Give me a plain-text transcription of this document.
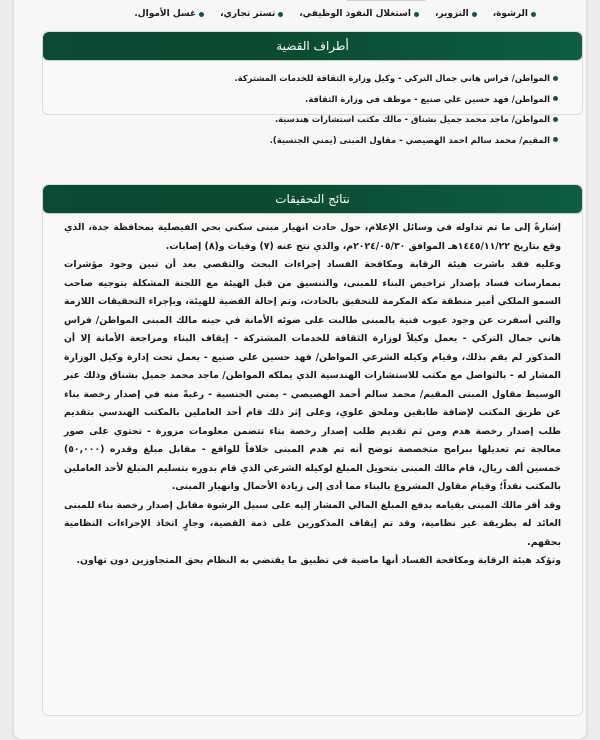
الرشوة،
التزوير،
استغلال النفوذ الوظيفي،
تستر تجاري،
غسل الأموال.
أطراف القضية
المواطن/ فراس هاني جمال التركي - وكيل وزارة الثقافة للخدمات المشتركة.
المواطن/ فهد حسين علي صنيع - موظف في وزارة الثقافة.
المواطن/ ماجد محمد جميل بشناق - مالك مكتب استشارات هندسية.
المقيم/ محمد سالم احمد الهصيصي - مقاول المبنى (يمني الجنسية).
نتائج التحقيقات

إشارةً إلى ما تم تداوله في وسائل الإعلام، حول حادث انهيار مبنى سكني بحي الفيصلية بمحافظة جدة، الذي وقع بتاريخ ١٤٤٥/١١/٢٢هـ الموافق ٢٠٢٤/٠٥/٣٠م، والذي نتج عنه (٧) وفيات و(٨) إصابات.

وعليه فقد باشرت هيئة الرقابة ومكافحة الفساد إجراءات البحث والتقصي بعد أن تبين وجود مؤشرات بممارسات فساد بإصدار تراخيص البناء للمبنى، والتنسيق من قبل الهيئة مع اللجنة المشكلة بتوجيه صاحب السمو الملكي أمير منطقة مكة المكرمة للتحقيق بالحادث، وتم إحالة القضية للهيئة، وبإجراء التحقيقات اللازمة والتي أسفرت عن وجود عيوب فنية بالمبنى طالبت على ضوئه الأمانة في حينه مالك المبنى المواطن/ فراس هاني جمال التركي - يعمل وكيلاً لوزارة الثقافة للخدمات المشتركة - إيقاف البناء ومراجعة الأمانة إلا أن المذكور لم يقم بذلك، وقيام وكيله الشرعي المواطن/ فهد حسين علي صنيع - يعمل تحت إدارة وكيل الوزارة المشار له - بالتواصل مع مكتب للاستشارات الهندسية الذي يملكه المواطن/ ماجد محمد جميل بشناق وذلك عبر الوسيط مقاول المبنى المقيم/ محمد سالم أحمد الهصيصي - يمني الجنسية - رغبةً منه في إصدار رخصة بناء عن طريق المكتب لإضافة طابقين وملحق علوي، وعلى إثر ذلك قام أحد العاملين بالمكتب الهندسي بتقديم طلب إصدار رخصة هدم ومن ثم تقديم طلب إصدار رخصة بناء تتضمن معلومات مزورة - تحتوي على صور معالجة تم تعديلها ببرامج متخصصة توضح أنه تم هدم المبنى خلافاً للواقع - مقابل مبلغ وقدره (٥٠,٠٠٠) خمسين ألف ريال، قام مالك المبنى بتحويل المبلغ لوكيله الشرعي الذي قام بدوره بتسليم المبلغ لأحد العاملين بالمكتب نقداً؛ وقيام مقاول المشروع بالبناء مما أدى إلى زيادة الأحمال وانهيار المبنى.

وقد أقر مالك المبنى بقيامه بدفع المبلغ المالي المشار إليه على سبيل الرشوة مقابل إصدار رخصة بناء للمبنى العائد له بطريقة غير نظامية، وقد تم إيقاف المذكورين على ذمة القضية، وجارٍ اتخاذ الإجراءات النظامية بحقهم.

وتؤكد هيئة الرقابة ومكافحة الفساد أنها ماضية في تطبيق ما يقتضي به النظام بحق المتجاوزين دون تهاون.
